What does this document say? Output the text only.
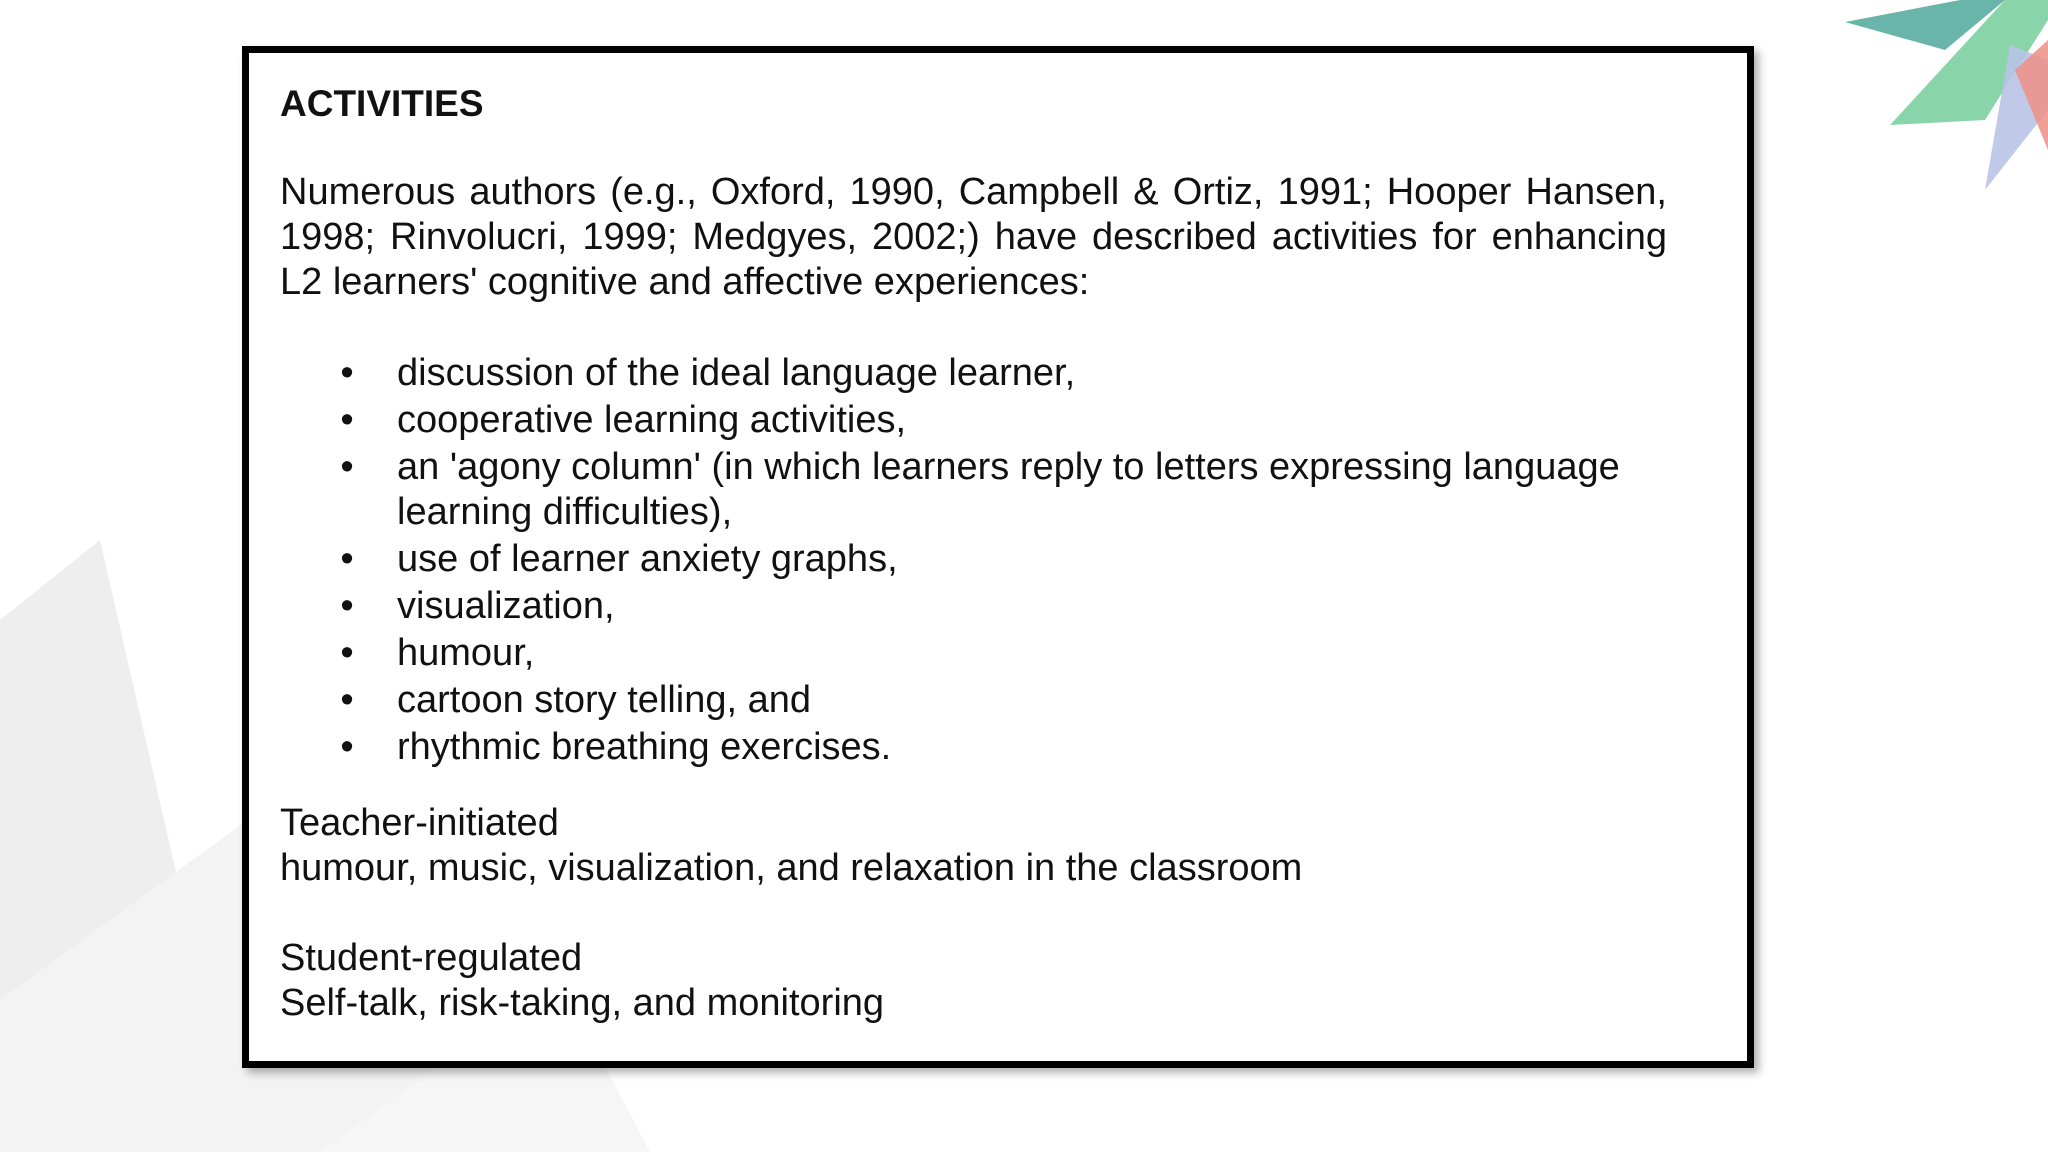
ACTIVITIES
Numerous authors (e.g., Oxford, 1990, Campbell & Ortiz, 1991; Hooper Hansen, 1998; Rinvolucri, 1999; Medgyes, 2002;) have described activities for enhancing L2 learners' cognitive and affective experiences:
• discussion of the ideal language learner,
• cooperative learning activities,
• an 'agony column' (in which learners reply to letters expressing language learning difficulties),
• use of learner anxiety graphs,
• visualization,
• humour,
• cartoon story telling, and
• rhythmic breathing exercises.
Teacher-initiated
humour, music, visualization, and relaxation in the classroom
Student-regulated
Self-talk, risk-taking, and monitoring
